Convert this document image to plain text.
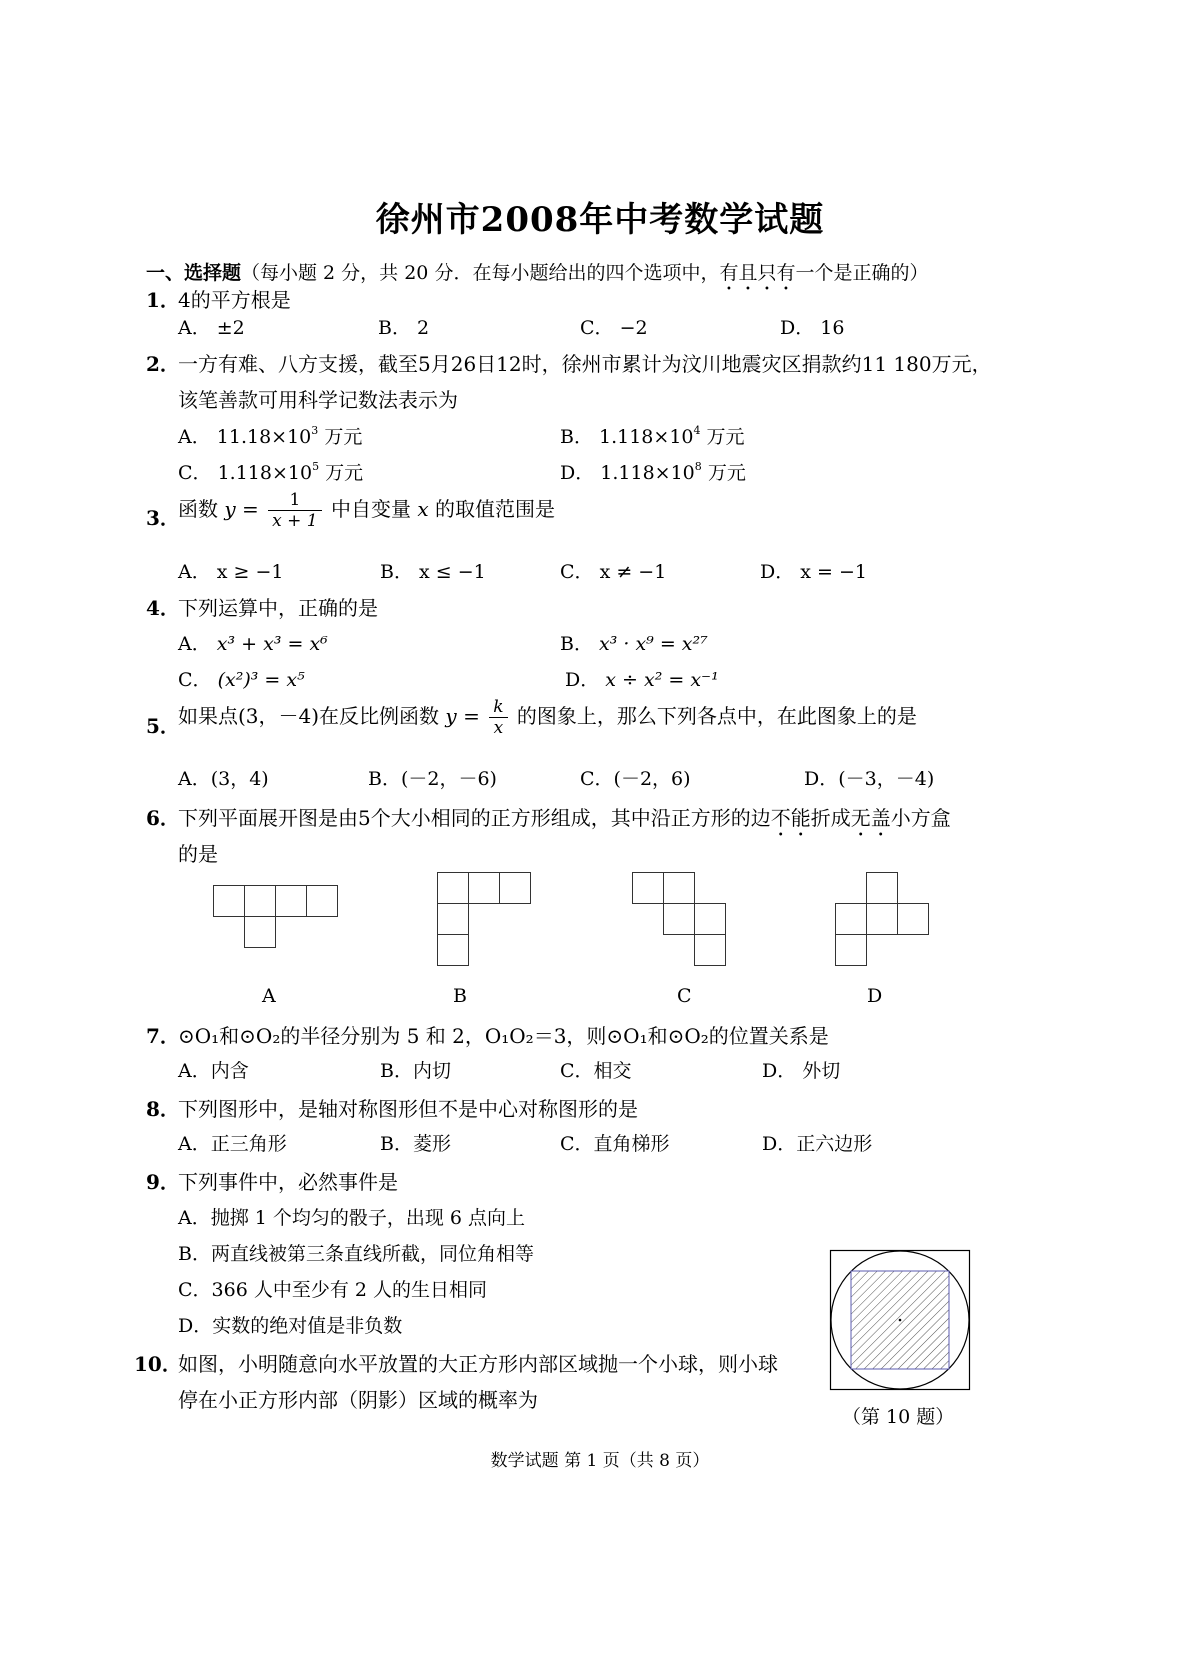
徐州市2008年中考数学试题
一、选择题（每小题 2 分，共 20 分．在每小题给出的四个选项中，有且只有一个是正确的）
1．
4的平方根是
A． ±2	B． 2	C． −2	D． 16
2．
一方有难、八方支援，截至5月26日12时，徐州市累计为汶川地震灾区捐款约11 180万元，
该笔善款可用科学记数法表示为
A． $11.18\times 10^3$ 万元	B． $1.118\times 10^4$ 万元
C． $1.118\times 10^5$ 万元	D． $1.118\times 10^8$ 万元
3．
函数 $y = \frac{1}{x + 1}$ 中自变量 x 的取值范围是
A． x ≥ −1	B． x ≤ −1	C． x ≠ −1	D． x = −1
4．
下列运算中，正确的是
A． x³ + x³ = x⁶	B． x³ · x⁹ = x²⁷
C． (x²)³ = x⁵	D． x ÷ x² = x⁻¹
5．
如果点(3，－4)在反比例函数 $y = \frac{k}{x}$ 的图象上，那么下列各点中，在此图象上的是
A．(3，4)	B．(－2，－6)	C．(－2，6)	D．(－3，－4)
6．
下列平面展开图是由5个大小相同的正方形组成，其中沿正方形的边不能折成无盖小方盒
的是
A	B	C	D
7．
⊙O₁和⊙O₂的半径分别为 5 和 2，O₁O₂＝3，则⊙O₁和⊙O₂的位置关系是
A．内含	B．内切	C．相交	D． 外切
8．
下列图形中，是轴对称图形但不是中心对称图形的是
A．正三角形	B．菱形	C．直角梯形	D．正六边形
9．
下列事件中，必然事件是
A．抛掷 1 个均匀的骰子，出现 6 点向上
B．两直线被第三条直线所截，同位角相等
C．366 人中至少有 2 人的生日相同
D．实数的绝对值是非负数
10．
如图，小明随意向水平放置的大正方形内部区域抛一个小球，则小球
停在小正方形内部（阴影）区域的概率为
（第 10 题）
数学试题 第 1 页（共 8 页）
